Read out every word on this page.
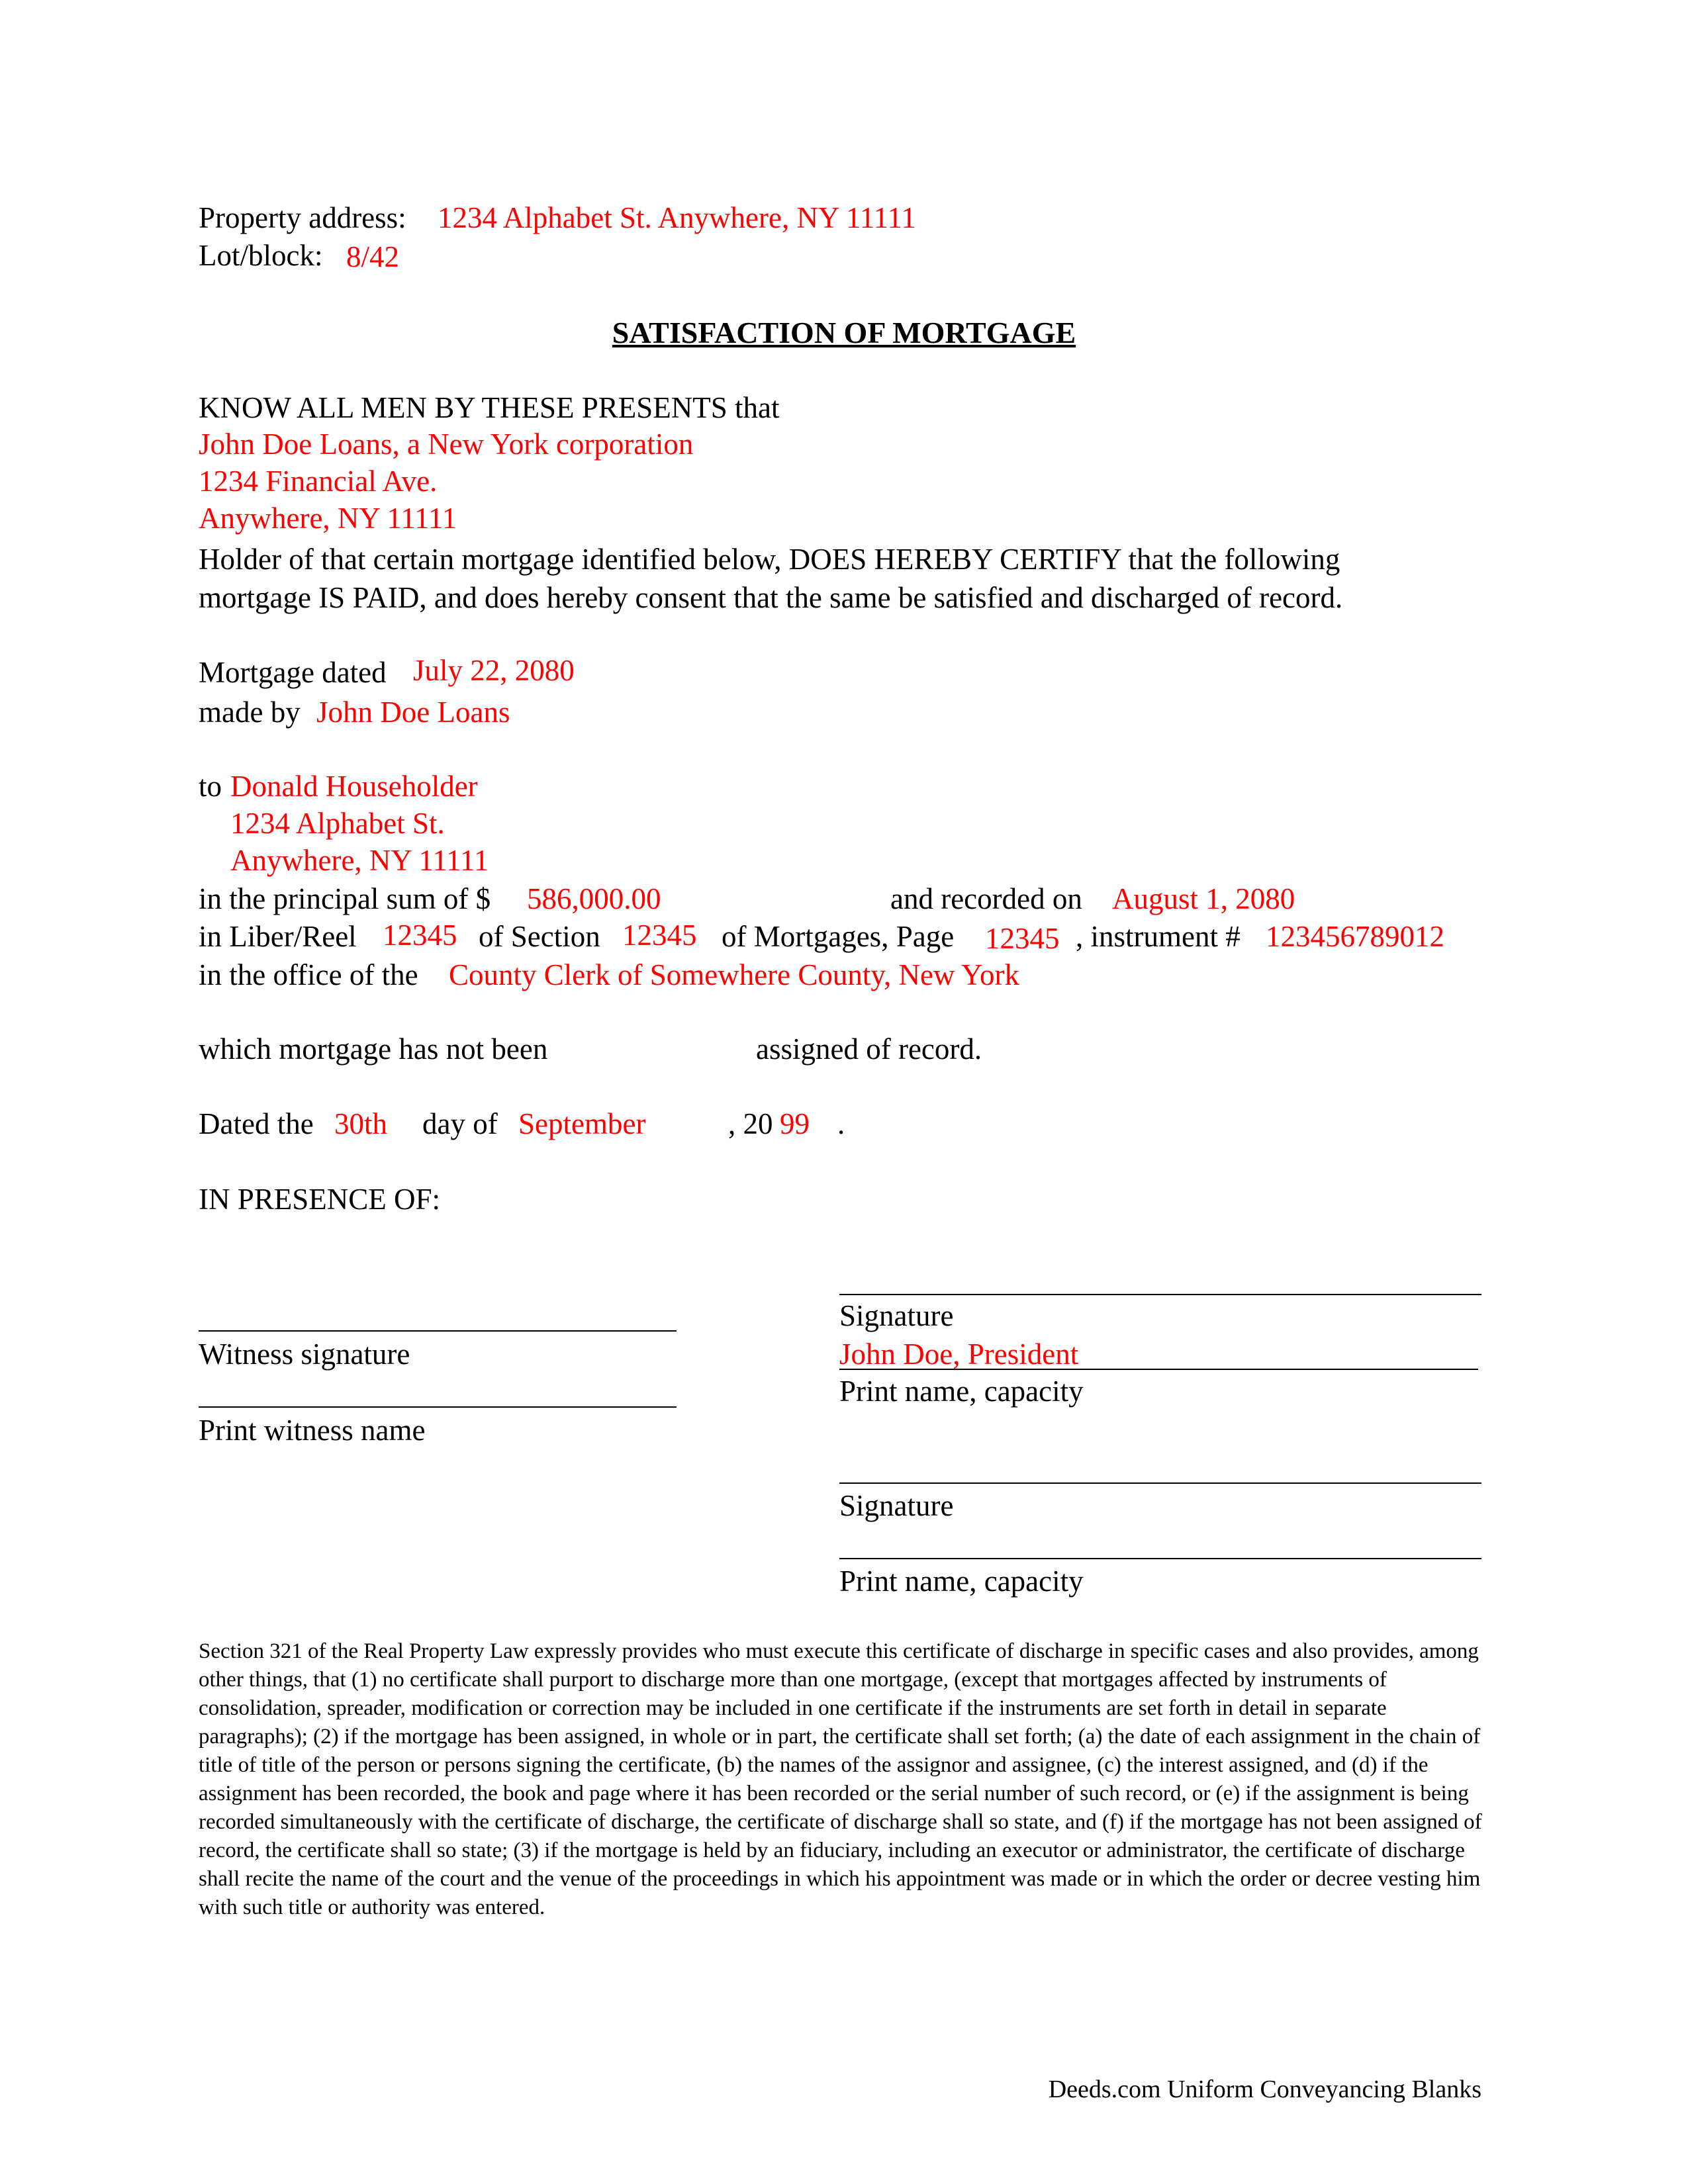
Property address: 1234 Alphabet St. Anywhere, NY 11111
Lot/block: 8/42
SATISFACTION OF MORTGAGE
KNOW ALL MEN BY THESE PRESENTS that
John Doe Loans, a New York corporation
1234 Financial Ave.
Anywhere, NY 11111
Holder of that certain mortgage identified below, DOES HEREBY CERTIFY that the following
mortgage IS PAID, and does hereby consent that the same be satisfied and discharged of record.
Mortgage dated July 22, 2080
made by John Doe Loans
to Donald Householder
1234 Alphabet St.
Anywhere, NY 11111
in the principal sum of $ 586,000.00	and recorded on August 1, 2080
in Liber/Reel 12345 of Section 12345 of Mortgages, Page 12345 , instrument # 123456789012
in the office of the County Clerk of Somewhere County, New York
which mortgage has not been	assigned of record.
Dated the 30th day of September	, 20 99 .
IN PRESENCE OF:
Witness signature
Print witness name
Signature
John Doe, President
Print name, capacity
Signature
Print name, capacity
Section 321 of the Real Property Law expressly provides who must execute this certificate of discharge in specific cases and also provides, among other things, that (1) no certificate shall purport to discharge more than one mortgage, (except that mortgages affected by instruments of consolidation, spreader, modification or correction may be included in one certificate if the instruments are set forth in detail in separate paragraphs); (2) if the mortgage has been assigned, in whole or in part, the certificate shall set forth; (a) the date of each assignment in the chain of title of title of the person or persons signing the certificate, (b) the names of the assignor and assignee, (c) the interest assigned, and (d) if the assignment has been recorded, the book and page where it has been recorded or the serial number of such record, or (e) if the assignment is being recorded simultaneously with the certificate of discharge, the certificate of discharge shall so state, and (f) if the mortgage has not been assigned of record, the certificate shall so state; (3) if the mortgage is held by an fiduciary, including an executor or administrator, the certificate of discharge shall recite the name of the court and the venue of the proceedings in which his appointment was made or in which the order or decree vesting him with such title or authority was entered.
Deeds.com Uniform Conveyancing Blanks
